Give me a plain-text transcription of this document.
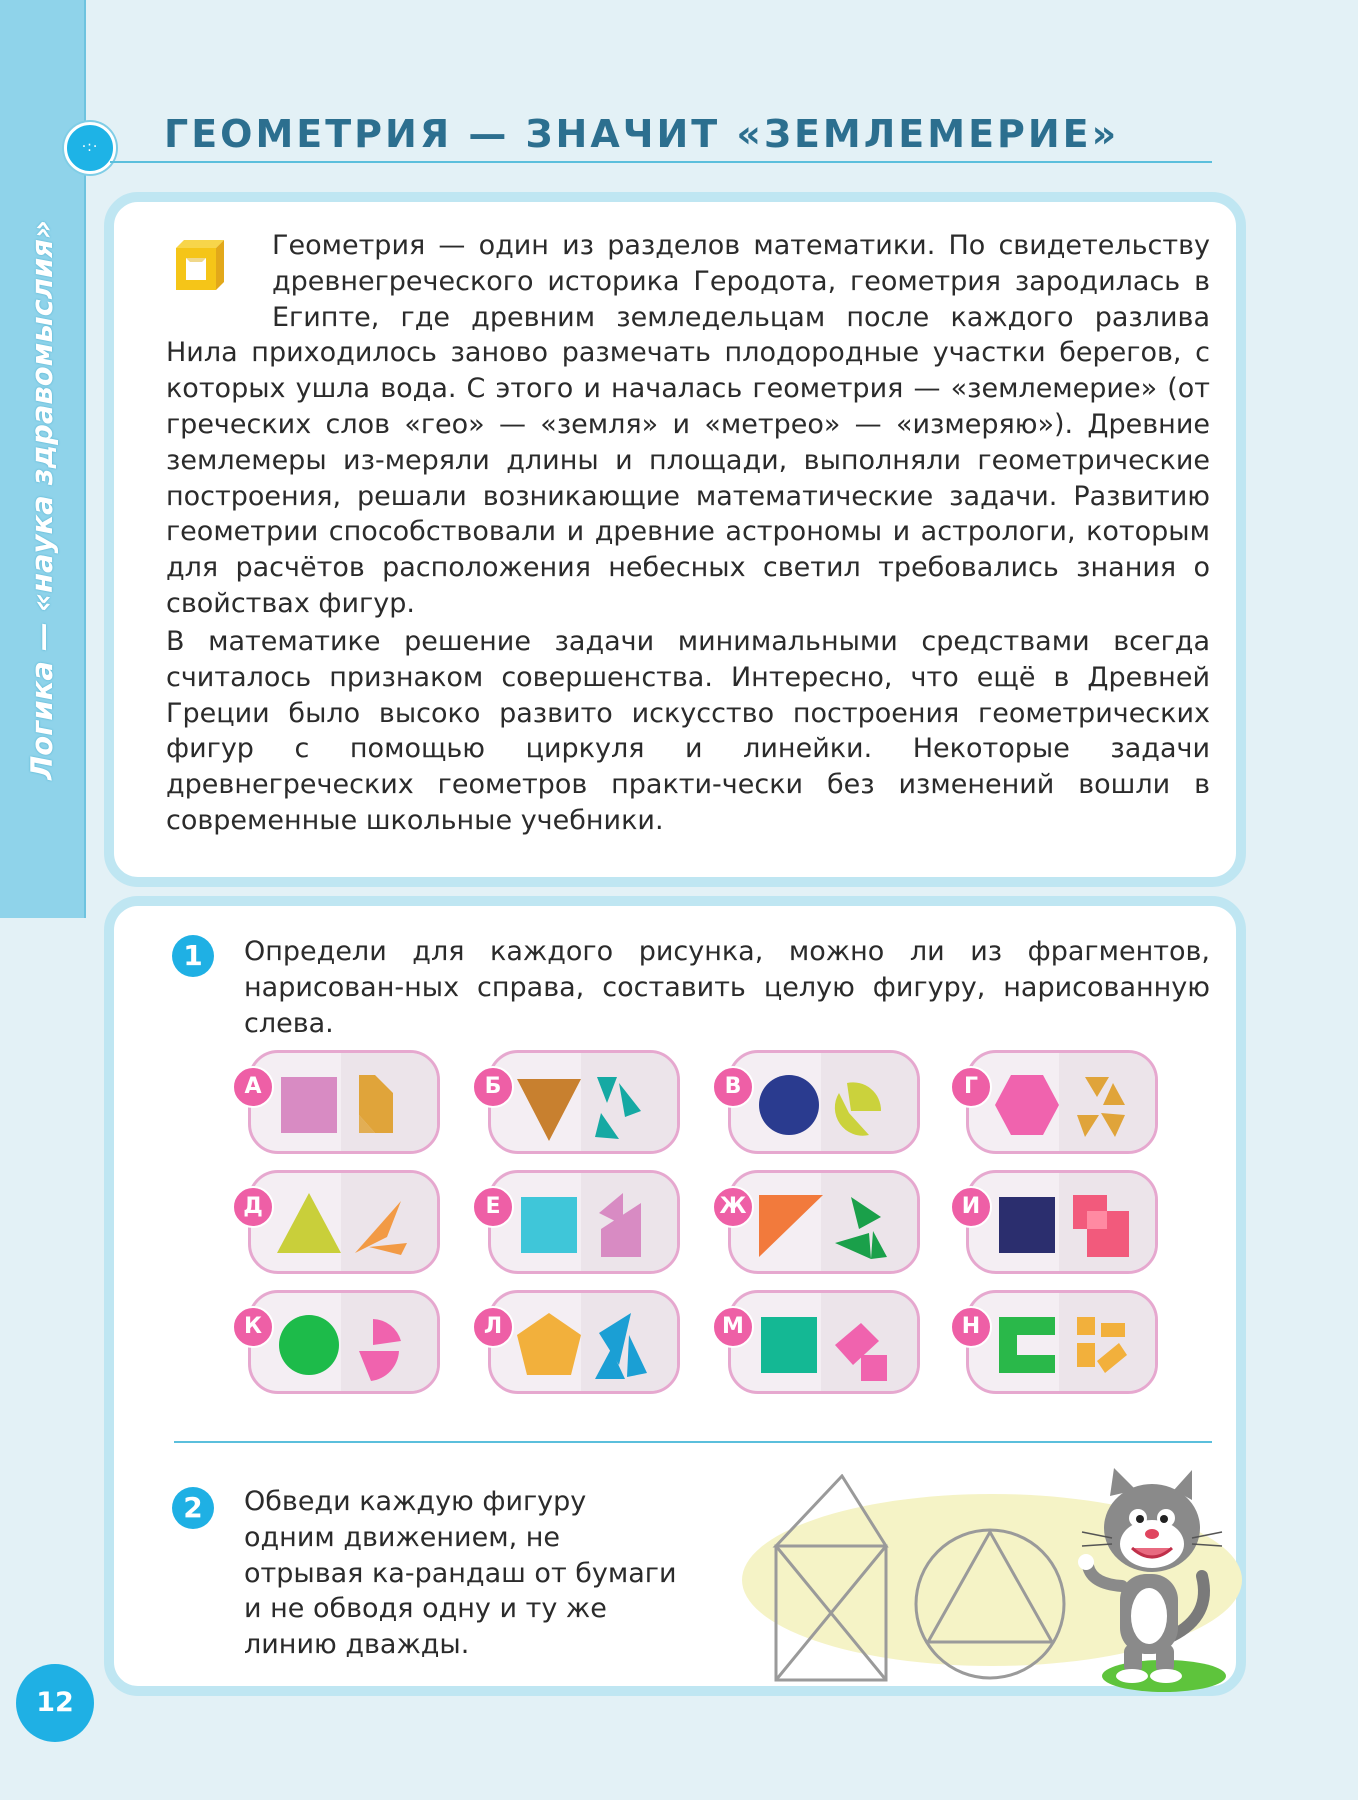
Логика — «наука здравомыслия»
·:·	ГЕОМЕТРИЯ — ЗНАЧИТ «ЗЕМЛЕМЕРИЕ»

Геометрия — один из разделов математики. По свидетельству древнегреческого историка Геродота, геометрия зародилась в Египте, где древним земледельцам после каждого разлива Нила приходилось заново размечать плодородные участки берегов, с которых ушла вода. С этого и началась геометрия — «землемерие» (от греческих слов «гео» — «земля» и «метрео» — «измеряю»). Древние землемеры из-меряли длины и площади, выполняли геометрические построения, решали возникающие математические задачи. Развитию геометрии способствовали и древние астрономы и астрологи, которым для расчётов расположения небесных светил требовались знания о свойствах фигур.

В математике решение задачи минимальными средствами всегда считалось признаком совершенства. Интересно, что ещё в Древней Греции было высоко развито искусство построения геометрических фигур с помощью циркуля и линейки. Некоторые задачи древнегреческих геометров практи-чески без изменений вошли в современные школьные учебники.

1	Определи для каждого рисунка, можно ли из фрагментов, нарисован-ных справа, составить целую фигуру, нарисованную слева.

А	Б	В	Г
Д	Е	Ж	И
К	Л	М	Н
2	Обведи каждую фигуру одним движением, не отрывая ка-рандаш от бумаги и не обводя одну и ту же линию дважды.

12
